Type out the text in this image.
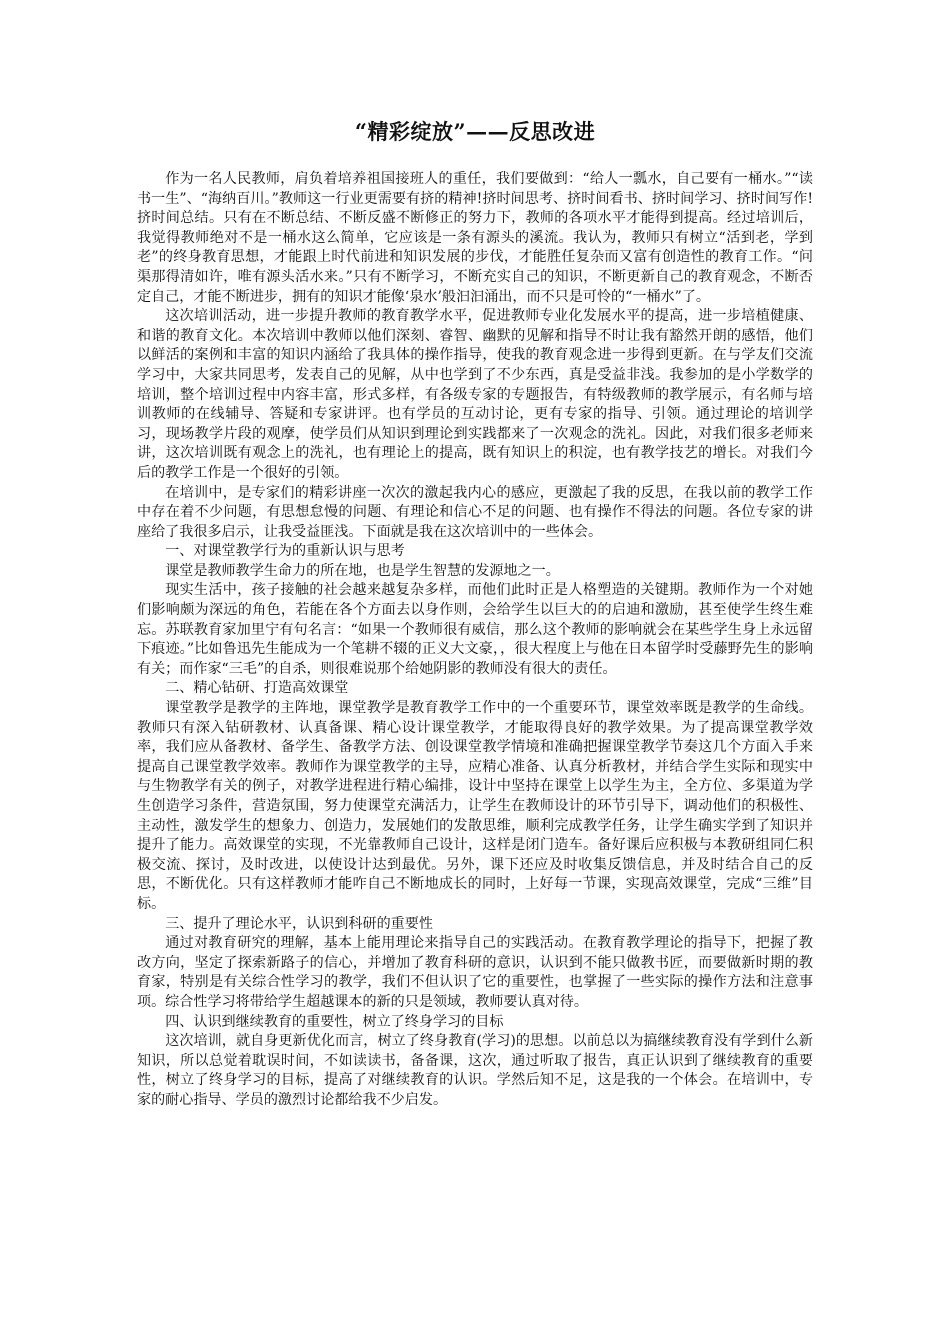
“精彩绽放”——反思改进

作为一名人民教师，肩负着培养祖国接班人的重任，我们要做到：“给人一瓢水，自己要有一桶水。”“读书一生”、“海纳百川。”教师这一行业更需要有挤的精神!挤时间思考、挤时间看书、挤时间学习、挤时间写作!挤时间总结。只有在不断总结、不断反盛不断修正的努力下，教师的各项水平才能得到提高。经过培训后，我觉得教师绝对不是一桶水这么简单，它应该是一条有源头的溪流。我认为，教师只有树立“活到老，学到老”的终身教育思想，才能跟上时代前进和知识发展的步伐，才能胜任复杂而又富有创造性的教育工作。“问渠那得清如许，唯有源头活水来。”只有不断学习，不断充实自己的知识，不断更新自己的教育观念，不断否定自己，才能不断进步，拥有的知识才能像‘泉水’般汩汩涌出，而不只是可怜的“一桶水”了。

这次培训活动，进一步提升教师的教育教学水平，促进教师专业化发展水平的提高，进一步培植健康、和谐的教育文化。本次培训中教师以他们深刻、睿智、幽默的见解和指导不时让我有豁然开朗的感悟，他们以鲜活的案例和丰富的知识内涵给了我具体的操作指导，使我的教育观念进一步得到更新。在与学友们交流学习中，大家共同思考，发表自己的见解，从中也学到了不少东西，真是受益非浅。我参加的是小学数学的培训，整个培训过程中内容丰富，形式多样，有各级专家的专题报告，有特级教师的教学展示，有名师与培训教师的在线辅导、答疑和专家讲评。也有学员的互动讨论，更有专家的指导、引领。通过理论的培训学习，现场教学片段的观摩，使学员们从知识到理论到实践都来了一次观念的洗礼。因此，对我们很多老师来讲，这次培训既有观念上的洗礼，也有理论上的提高，既有知识上的积淀，也有教学技艺的增长。对我们今后的教学工作是一个很好的引领。

在培训中，是专家们的精彩讲座一次次的激起我内心的感应，更激起了我的反思，在我以前的教学工作中存在着不少问题，有思想怠慢的问题、有理论和信心不足的问题、也有操作不得法的问题。各位专家的讲座给了我很多启示，让我受益匪浅。下面就是我在这次培训中的一些体会。

一、对课堂教学行为的重新认识与思考

课堂是教师教学生命力的所在地，也是学生智慧的发源地之一。

现实生活中，孩子接触的社会越来越复杂多样，而他们此时正是人格塑造的关键期。教师作为一个对她们影响颇为深远的角色，若能在各个方面去以身作则，会给学生以巨大的的启迪和激励，甚至使学生终生难忘。苏联教育家加里宁有句名言：“如果一个教师很有威信，那么这个教师的影响就会在某些学生身上永远留下痕迹。”比如鲁迅先生能成为一个笔耕不辍的正义大文豪，，很大程度上与他在日本留学时受藤野先生的影响有关；而作家“三毛”的自杀，则很难说那个给她阴影的教师没有很大的责任。

二、精心钻研、打造高效课堂

课堂教学是教学的主阵地，课堂教学是教育教学工作中的一个重要环节，课堂效率既是教学的生命线。教师只有深入钻研教材、认真备课、精心设计课堂教学，才能取得良好的教学效果。为了提高课堂教学效率，我们应从备教材、备学生、备教学方法、创设课堂教学情境和准确把握课堂教学节奏这几个方面入手来提高自己课堂教学效率。教师作为课堂教学的主导，应精心准备、认真分析教材，并结合学生实际和现实中与生物教学有关的例子，对教学进程进行精心编排，设计中坚持在课堂上以学生为主，全方位、多渠道为学生创造学习条件，营造氛围，努力使课堂充满活力，让学生在教师设计的环节引导下，调动他们的积极性、主动性，激发学生的想象力、创造力，发展她们的发散思维，顺利完成教学任务，让学生确实学到了知识并提升了能力。高效课堂的实现，不光靠教师自己设计，这样是闭门造车。备好课后应积极与本教研组同仁积极交流、探讨，及时改进，以使设计达到最优。另外，课下还应及时收集反馈信息，并及时结合自己的反思，不断优化。只有这样教师才能咋自己不断地成长的同时，上好每一节课，实现高效课堂，完成“三维”目标。

三、提升了理论水平，认识到科研的重要性

通过对教育研究的理解，基本上能用理论来指导自己的实践活动。在教育教学理论的指导下，把握了教改方向，坚定了探索新路子的信心，并增加了教育科研的意识，认识到不能只做教书匠，而要做新时期的教育家，特别是有关综合性学习的教学，我们不但认识了它的重要性，也掌握了一些实际的操作方法和注意事项。综合性学习将带给学生超越课本的新的只是领域，教师要认真对待。

四、认识到继续教育的重要性，树立了终身学习的目标

这次培训，就自身更新优化而言，树立了终身教育(学习)的思想。以前总以为搞继续教育没有学到什么新知识，所以总觉着耽误时间，不如读读书，备备课，这次，通过听取了报告，真正认识到了继续教育的重要性，树立了终身学习的目标，提高了对继续教育的认识。学然后知不足，这是我的一个体会。在培训中，专家的耐心指导、学员的激烈讨论都给我不少启发。
